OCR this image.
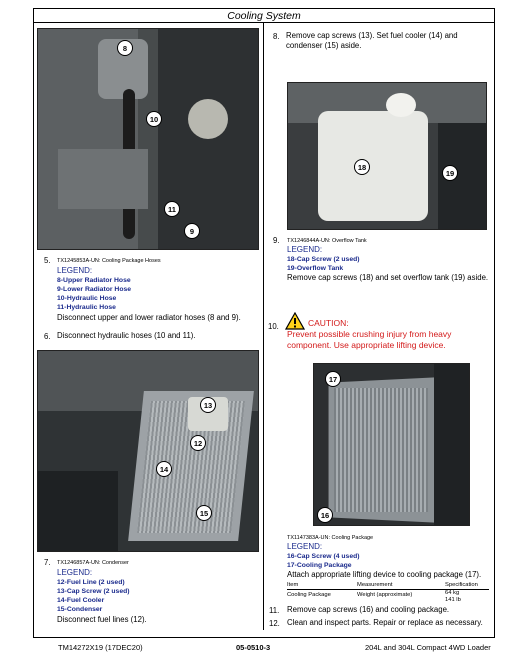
Cooling System
8
10
11
9
5. TX1245853A-UN: Cooling Package Hoses
LEGEND:
8-Upper Radiator Hose
9-Lower Radiator Hose
10-Hydraulic Hose
11-Hydraulic Hose
Disconnect upper and lower radiator hoses (8 and 9).
6. Disconnect hydraulic hoses (10 and 11).
13
12
14
15
7. TX1246857A-UN: Condenser
LEGEND:
12-Fuel Line (2 used)
13-Cap Screw (2 used)
14-Fuel Cooler
15-Condenser
Disconnect fuel lines (12).
8. Remove cap screws (13). Set fuel cooler (14) and condenser (15) aside.
18
19
9. TX1246844A-UN: Overflow Tank
LEGEND:
18-Cap Screw (2 used)
19-Overflow Tank
Remove cap screws (18) and set overflow tank (19) aside.
10.	CAUTION:
Prevent possible crushing injury from heavy component. Use appropriate lifting device.
17
16
TX1147383A-UN: Cooling Package
LEGEND:
16-Cap Screw (4 used)
17-Cooling Package
Attach appropriate lifting device to cooling package (17).
Item	Measurement	Specification
Cooling Package	Weight (approximate)	64 kg
141 lb
11. Remove cap screws (16) and cooling package.
12. Clean and inspect parts. Repair or replace as necessary.
TM14272X19 (17DEC20)	05-0510-3	204L and 304L Compact 4WD Loader
